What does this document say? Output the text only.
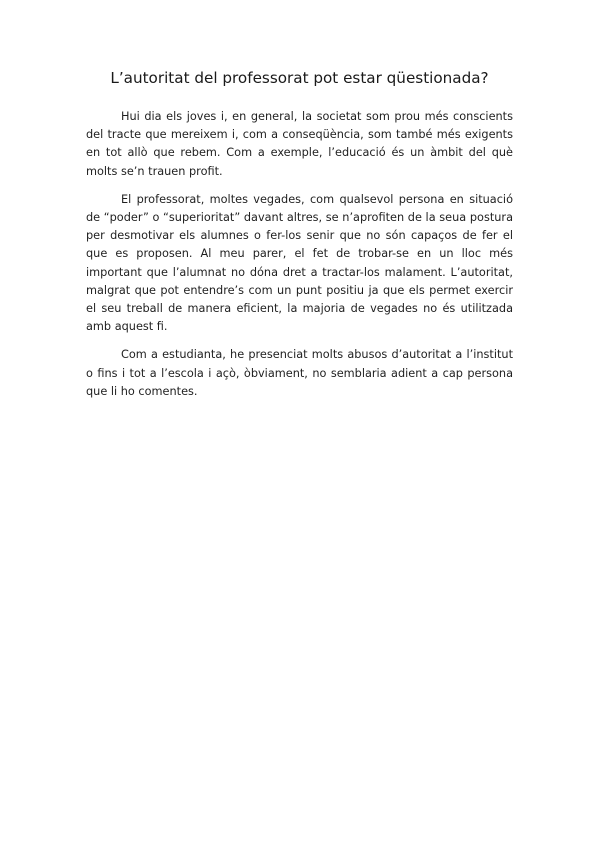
L’autoritat del professorat pot estar qüestionada?

Hui dia els joves i, en general, la societat som prou més conscients del tracte que mereixem i, com a conseqüència, som també més exigents en tot allò que rebem. Com a exemple, l’educació és un àmbit del què molts se’n trauen profit.

El professorat, moltes vegades, com qualsevol persona en situació de “poder” o “superioritat” davant altres, se n’aprofiten de la seua postura per desmotivar els alumnes o fer-los senir que no són capaços de fer el que es proposen. Al meu parer, el fet de trobar-se en un lloc més important que l’alumnat no dóna dret a tractar-los malament. L’autoritat, malgrat que pot entendre’s com un punt positiu ja que els permet exercir el seu treball de manera eficient, la majoria de vegades no és utilitzada amb aquest fi.

Com a estudianta, he presenciat molts abusos d’autoritat a l’institut o fins i tot a l’escola i açò, òbviament, no semblaria adient a cap persona que li ho comentes.
